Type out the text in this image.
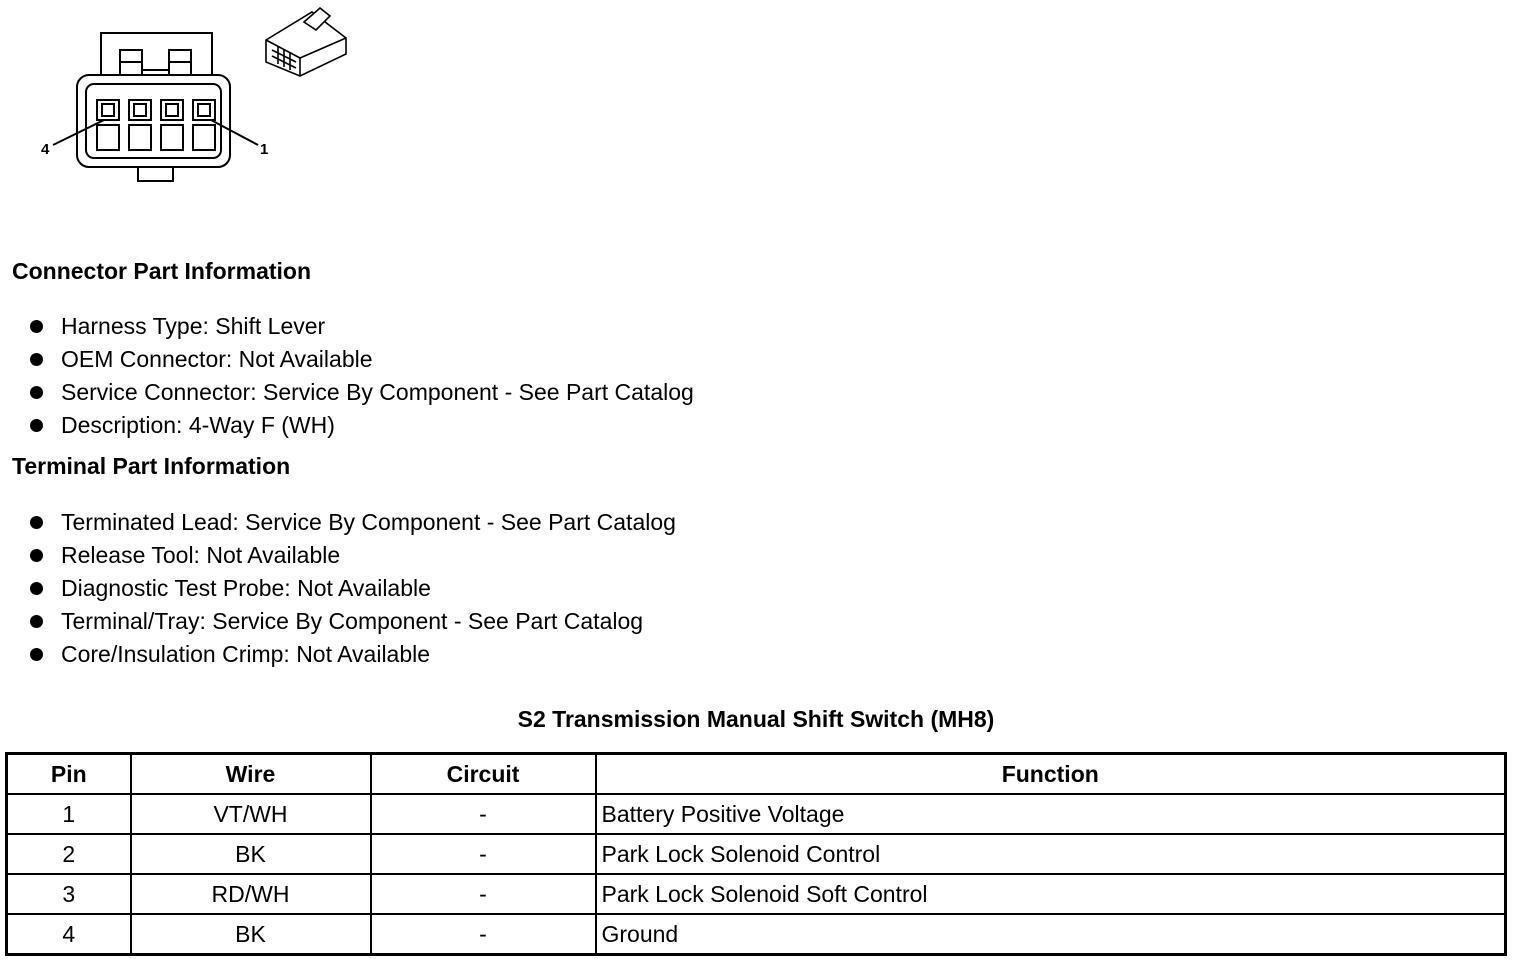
4	1
Connector Part Information
Harness Type: Shift Lever
OEM Connector: Not Available
Service Connector: Service By Component - See Part Catalog
Description: 4-Way F (WH)
Terminal Part Information
Terminated Lead: Service By Component - See Part Catalog
Release Tool: Not Available
Diagnostic Test Probe: Not Available
Terminal/Tray: Service By Component - See Part Catalog
Core/Insulation Crimp: Not Available
S2 Transmission Manual Shift Switch (MH8)
Pin	Wire	Circuit	Function
1	VT/WH	-	Battery Positive Voltage
2	BK	-	Park Lock Solenoid Control
3	RD/WH	-	Park Lock Solenoid Soft Control
4	BK	-	Ground
